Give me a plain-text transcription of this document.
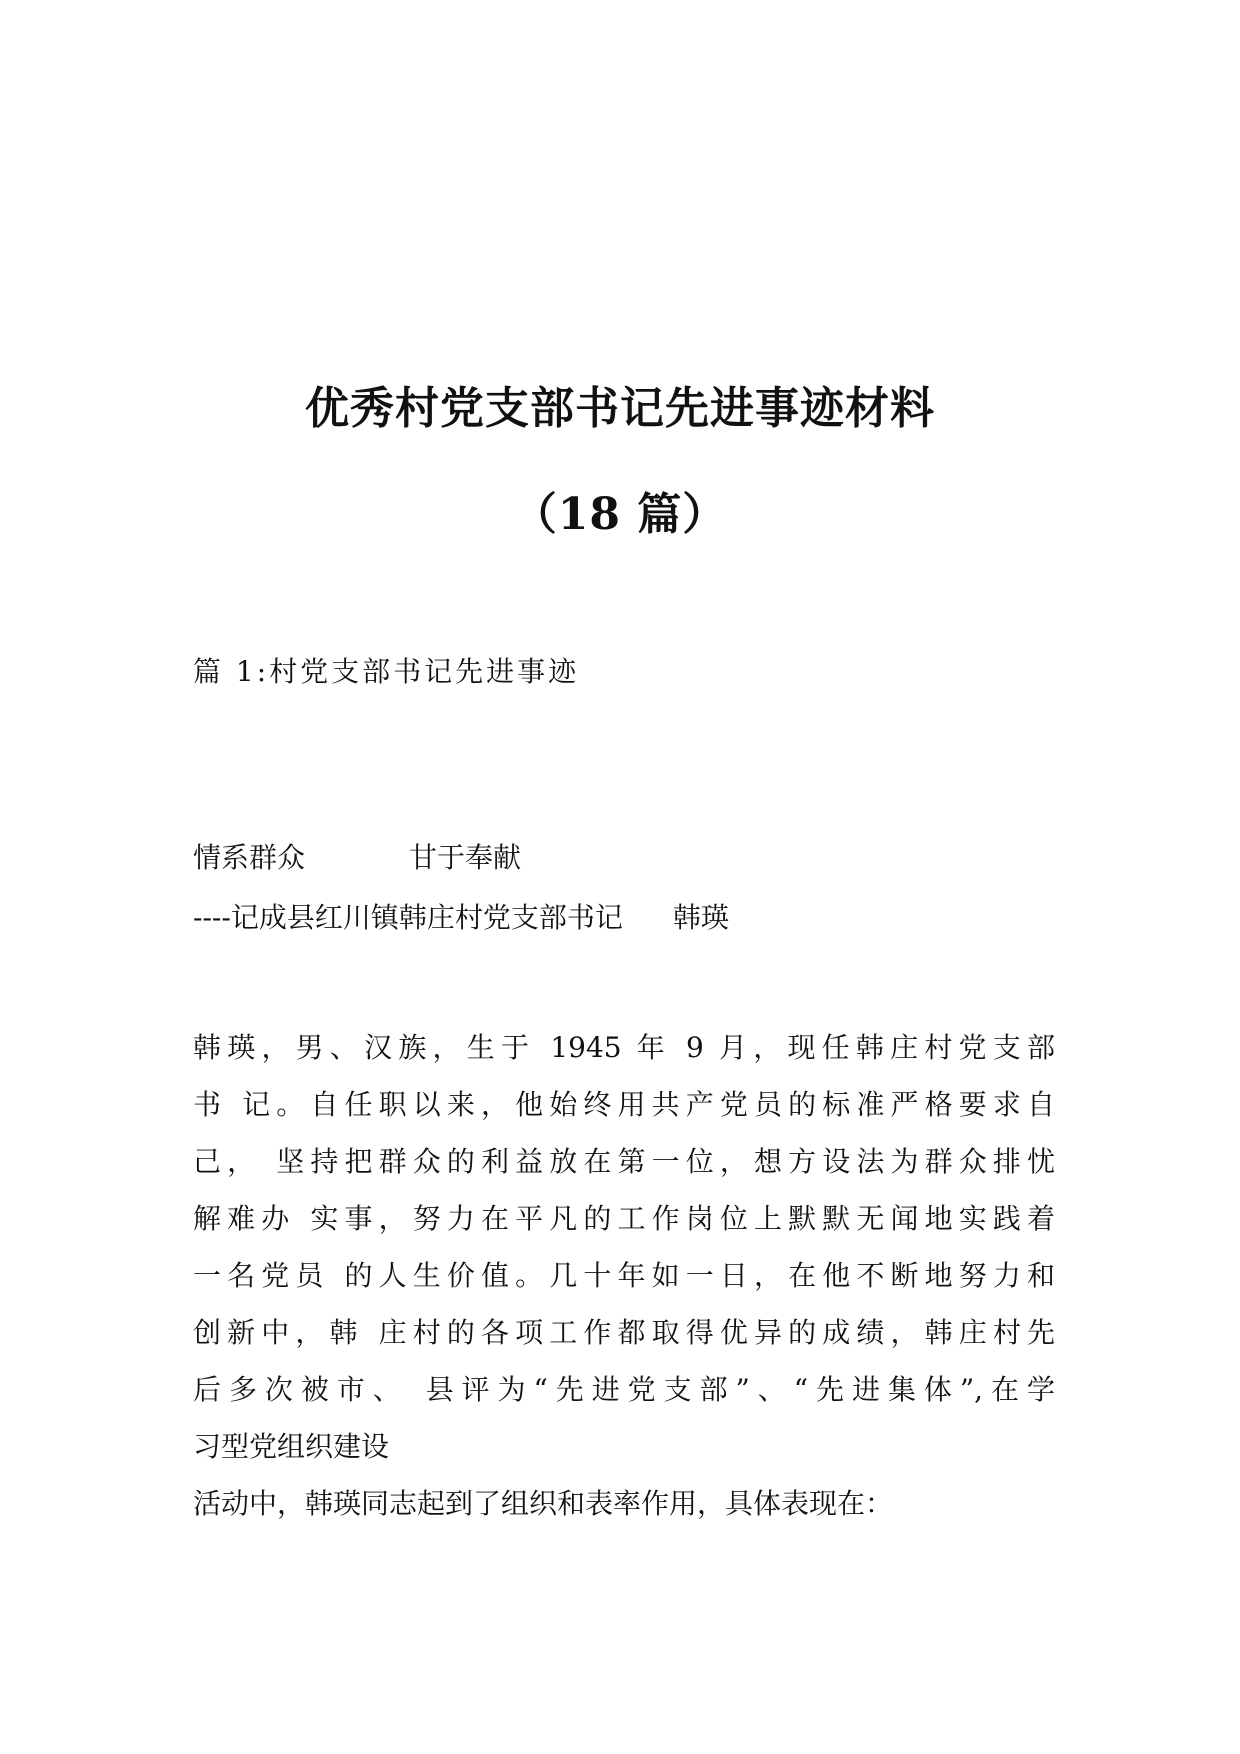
优秀村党支部书记先进事迹材料
（18 篇）
篇 1:村党支部书记先进事迹
情系群众	甘于奉献
----记成县红川镇韩庄村党支部书记 韩瑛
韩瑛，男、汉族，生于 1945 年 9 月，现任韩庄村党支部
书 记。自任职以来，他始终用共产党员的标准严格要求自
己， 坚持把群众的利益放在第一位，想方设法为群众排忧
解难办 实事，努力在平凡的工作岗位上默默无闻地实践着
一名党员 的人生价值。几十年如一日，在他不断地努力和
创新中，韩 庄村的各项工作都取得优异的成绩，韩庄村先
后多次被市、 县评为“先进党支部”、“先进集体”,在学
习型党组织建设
活动中，韩瑛同志起到了组织和表率作用，具体表现在：
